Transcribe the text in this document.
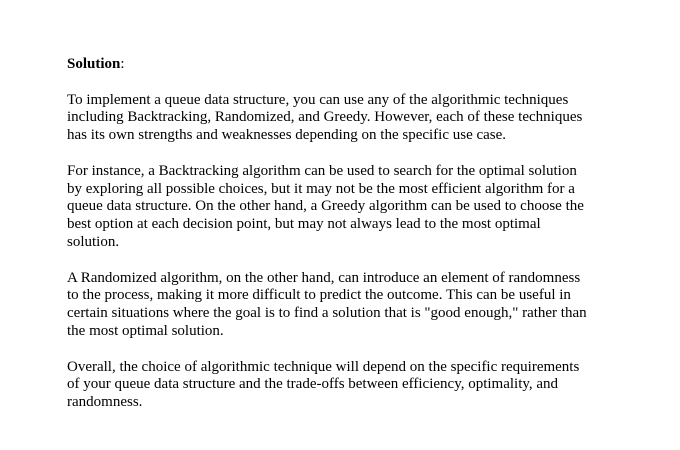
Solution:

To implement a queue data structure, you can use any of the algorithmic techniques
including Backtracking, Randomized, and Greedy. However, each of these techniques
has its own strengths and weaknesses depending on the specific use case.

For instance, a Backtracking algorithm can be used to search for the optimal solution
by exploring all possible choices, but it may not be the most efficient algorithm for a
queue data structure. On the other hand, a Greedy algorithm can be used to choose the
best option at each decision point, but may not always lead to the most optimal
solution.

A Randomized algorithm, on the other hand, can introduce an element of randomness
to the process, making it more difficult to predict the outcome. This can be useful in
certain situations where the goal is to find a solution that is "good enough," rather than
the most optimal solution.

Overall, the choice of algorithmic technique will depend on the specific requirements
of your queue data structure and the trade-offs between efficiency, optimality, and
randomness.
